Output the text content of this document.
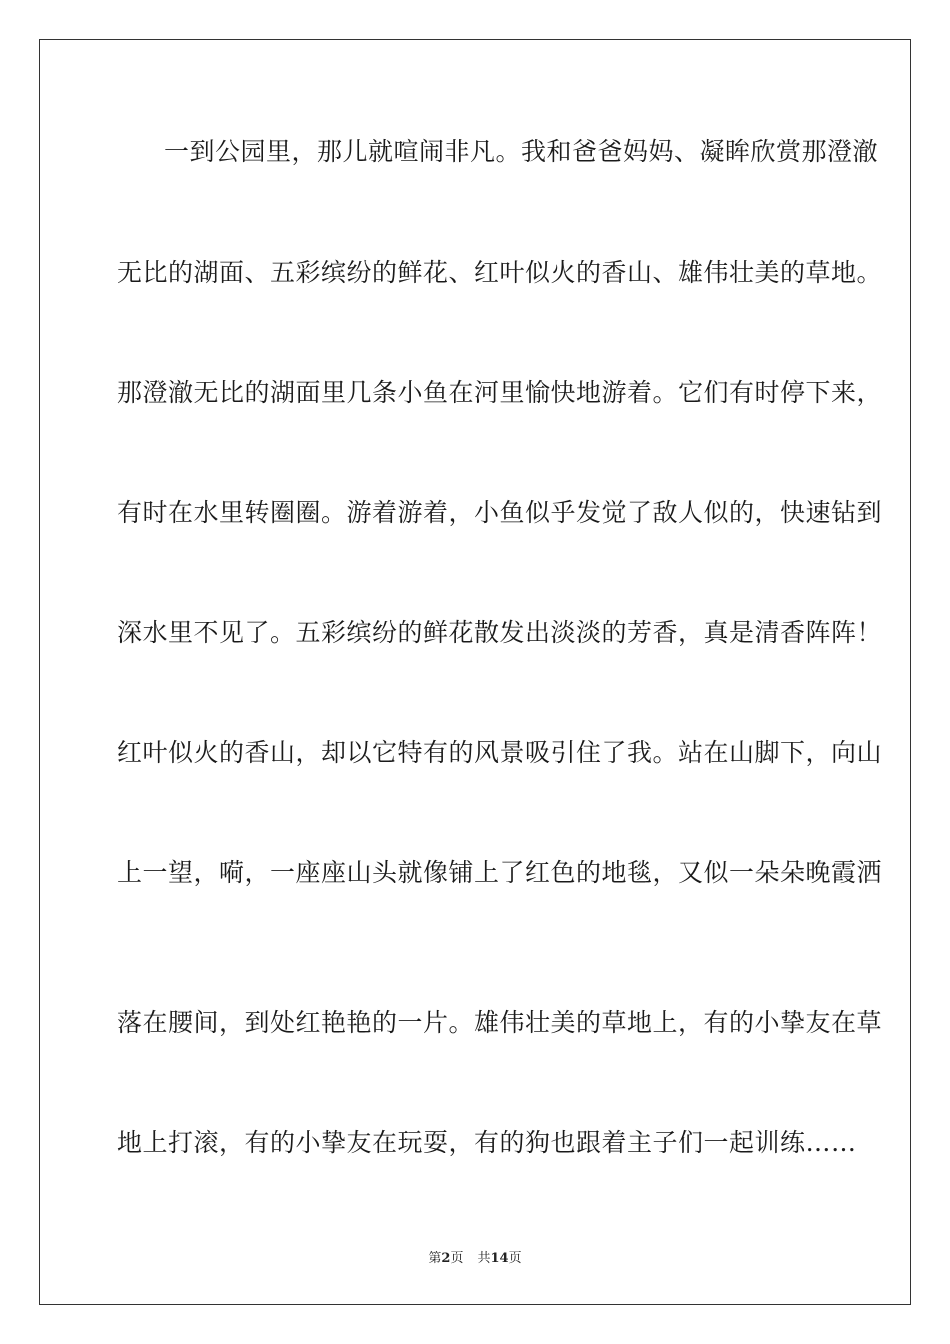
一到公园里，那儿就喧闹非凡。我和爸爸妈妈、凝眸欣赏那澄澈
无比的湖面、五彩缤纷的鲜花、红叶似火的香山、雄伟壮美的草地。
那澄澈无比的湖面里几条小鱼在河里愉快地游着。它们有时停下来，
有时在水里转圈圈。游着游着，小鱼似乎发觉了敌人似的，快速钻到
深水里不见了。五彩缤纷的鲜花散发出淡淡的芳香，真是清香阵阵！
红叶似火的香山，却以它特有的风景吸引住了我。站在山脚下，向山
上一望，嗬，一座座山头就像铺上了红色的地毯，又似一朵朵晚霞洒
落在腰间，到处红艳艳的一片。雄伟壮美的草地上，有的小挚友在草
地上打滚，有的小挚友在玩耍，有的狗也跟着主子们一起训练……
第2页 共14页
